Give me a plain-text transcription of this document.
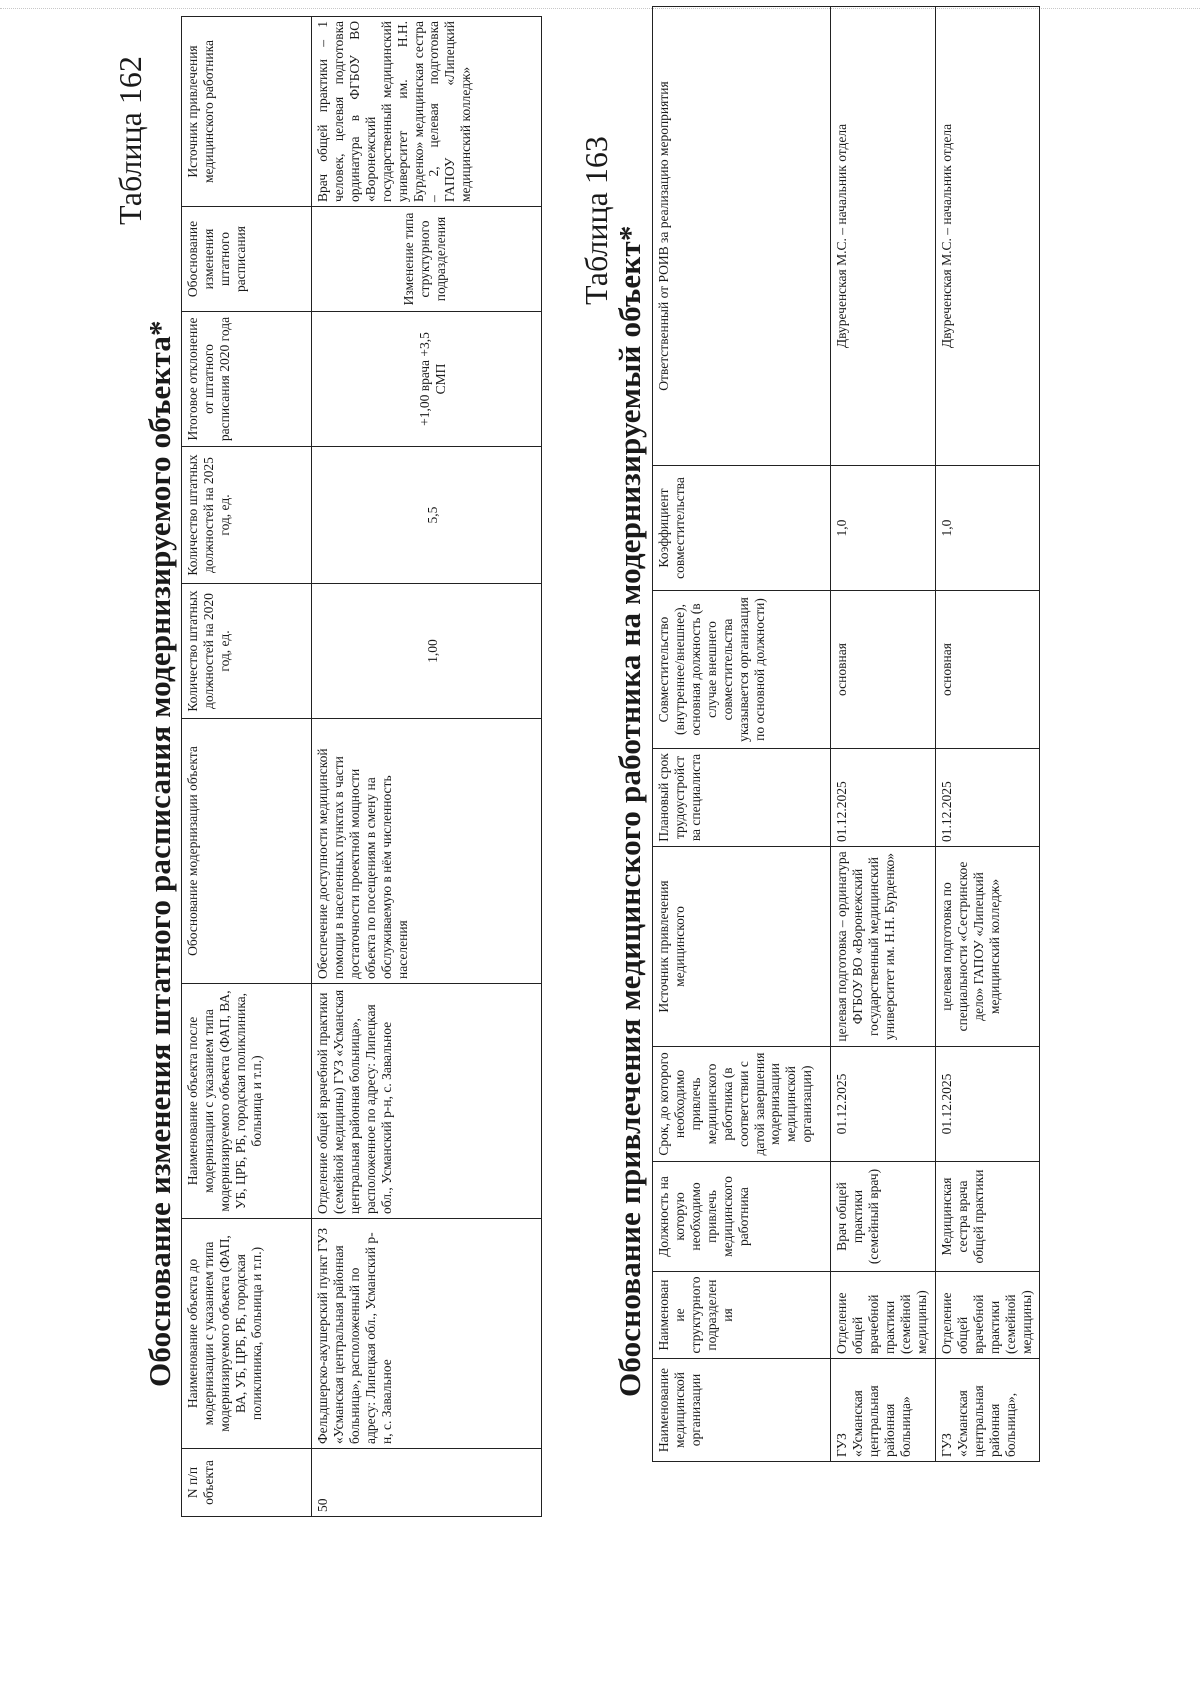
Таблица 162
Обоснование изменения штатного расписания модернизируемого объекта*
N п/п объекта	Наименование объекта до модернизации с указанием типа модернизируемого объекта (ФАП, ВА, УБ, ЦРБ, РБ, городская поликлиника, больница и т.п.)	Наименование объекта после модернизации с указанием типа модернизируемого объекта (ФАП, ВА, УБ, ЦРБ, РБ, городская поликлиника, больница и т.п.)	Обоснование модернизации объекта	Количество штатных должностей на 2020 год, ед.	Количество штатных должностей на 2025 год, ед.	Итоговое отклонение от штатного расписания 2020 года	Обоснование изменения штатного расписания	Источник привлечения медицинского работника
50	Фельдшерско-акушерский пункт ГУЗ «Усманская центральная районная больница», расположенный по адресу: Липецкая обл., Усманский р-н, с. Завальное	Отделение общей врачебной практики (семейной медицины) ГУЗ «Усманская центральная районная больница», расположенное по адресу: Липецкая обл., Усманский р-н, с. Завальное	Обеспечение доступности медицинской помощи в населенных пунктах в части достаточности проектной мощности объекта по посещениям в смену на обслуживаемую в нём численность населения	1,00	5,5	+1,00 врача +3,5 СМП	Изменение типа структурного подразделения	Врач общей практики – 1 человек, целевая подготовка ординатура в ФГБОУ ВО «Воронежский государственный медицинский университет им. Н.Н. Бурденко» медицинская сестра – 2, целевая подготовка ГАПОУ «Липецкий медицинский колледж»
Таблица 163
Обоснование привлечения медицинского работника на модернизируемый объект*
Наименование медицинской организации	Наименование структурного подразделения	Должность на которую необходимо привлечь медицинского работника	Срок, до которого необходимо привлечь медицинского работника (в соответствии с датой завершения модернизации медицинской организации)	Источник привлечения медицинского	Плановый срок трудоустройства специалиста	Совместительство (внутреннее/внешнее), основная должность (в случае внешнего совместительства указывается организация по основной должности)	Коэффициент совместительства	Ответственный от РОИВ за реализацию мероприятия
ГУЗ «Усманская центральная районная больница»	Отделение общей врачебной практики (семейной медицины)	Врач общей практики (семейный врач)	01.12.2025	целевая подготовка – ординатура ФГБОУ ВО «Воронежский государственный медицинский университет им. Н.Н. Бурденко»	01.12.2025	основная	1,0	Двуреченская М.С. – начальник отдела
ГУЗ «Усманская центральная районная больница»,	Отделение общей врачебной практики (семейной медицины)	Медицинская сестра врача общей практики	01.12.2025	целевая подготовка по специальности «Сестринское дело» ГАПОУ «Липецкий медицинский колледж»	01.12.2025	основная	1,0	Двуреченская М.С. – начальник отдела
